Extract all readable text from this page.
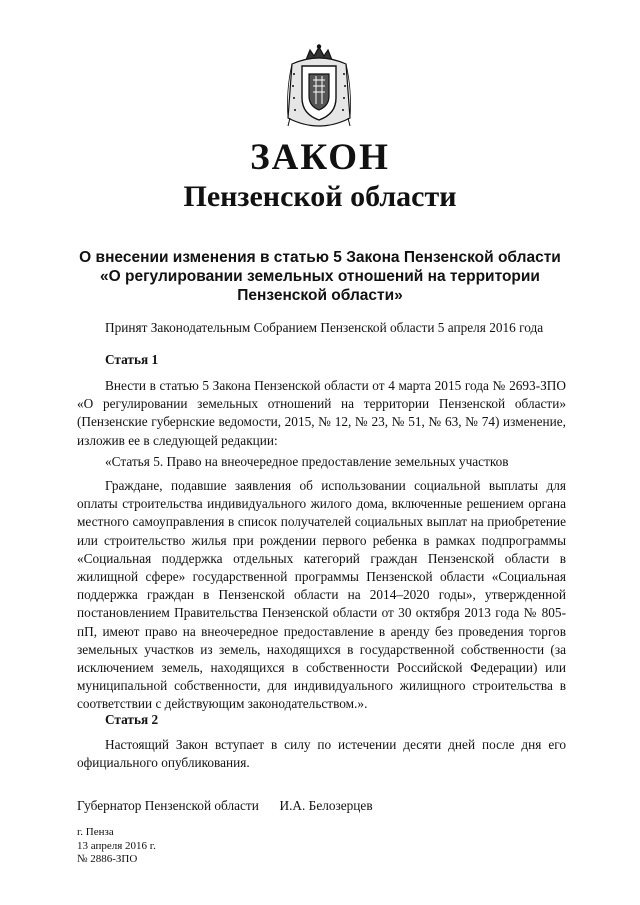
ЗАКОН
Пензенской области
О внесении изменения в статью 5 Закона Пензенской области
«О регулировании земельных отношений на территории
Пензенской области»
Принят Законодательным Собранием Пензенской области 5 апреля 2016 года
Статья 1
Внести в статью 5 Закона Пензенской области от 4 марта 2015 года № 2693-ЗПО «О регулировании земельных отношений на территории Пензенской области» (Пензенские губернские ведомости, 2015, № 12, № 23, № 51, № 63, № 74) изменение, изложив ее в следующей редакции:
«Статья 5. Право на внеочередное предоставление земельных участков
Граждане, подавшие заявления об использовании социальной выплаты для оплаты строительства индивидуального жилого дома, включенные решением органа местного самоуправления в список получателей социальных выплат на приобретение или строительство жилья при рождении первого ребенка в рамках подпрограммы «Социальная поддержка отдельных категорий граждан Пензенской области в жилищной сфере» государственной программы Пензенской области «Социальная поддержка граждан в Пензенской области на 2014–2020 годы», утвержденной постановлением Правительства Пензенской области от 30 октября 2013 года № 805-пП, имеют право на внеочередное предоставление в аренду без проведения торгов земельных участков из земель, находящихся в государственной собственности (за исключением земель, находящихся в собственности Российской Федерации) или муниципальной собственности, для индивидуального жилищного строительства в соответствии с действующим законодательством.».
Статья 2
Настоящий Закон вступает в силу по истечении десяти дней после дня его официального опубликования.
Губернатор Пензенской области И.А. Белозерцев
г. Пенза
13 апреля 2016 г.
№ 2886-ЗПО
